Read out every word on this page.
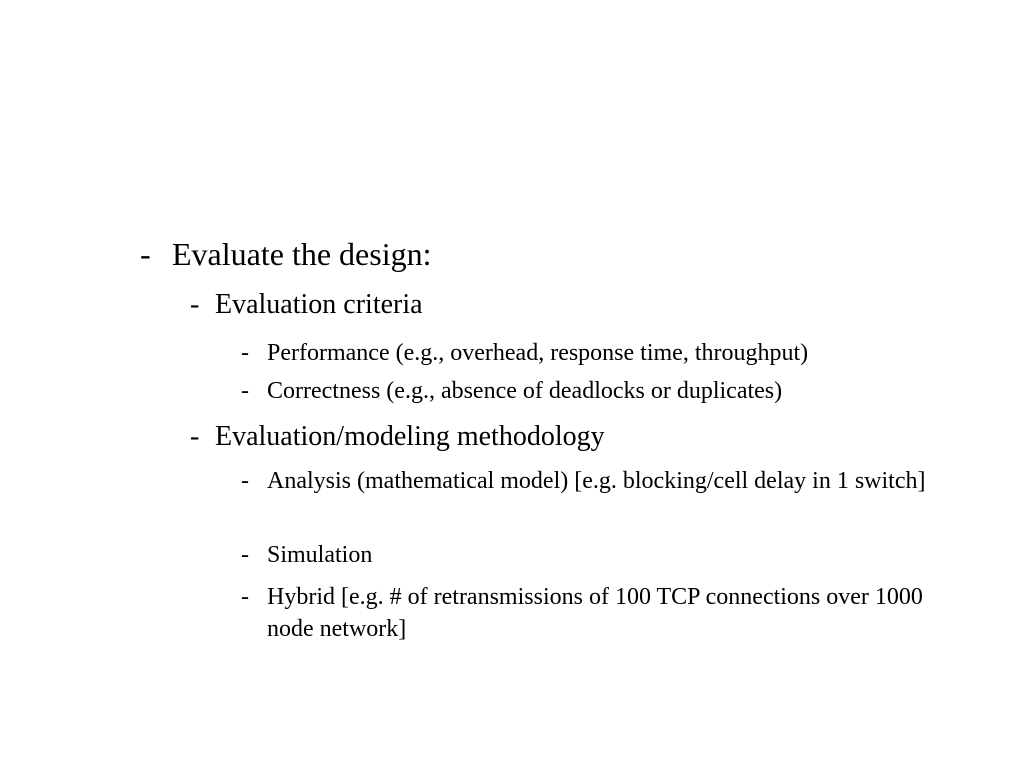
- Evaluate the design:
- Evaluation criteria
- Performance (e.g., overhead, response time, throughput)
- Correctness (e.g., absence of deadlocks or duplicates)
- Evaluation/modeling methodology
- Analysis (mathematical model) [e.g. blocking/cell delay in 1 switch]
- Simulation
- Hybrid [e.g. # of retransmissions of 100 TCP connections over 1000 node network]
